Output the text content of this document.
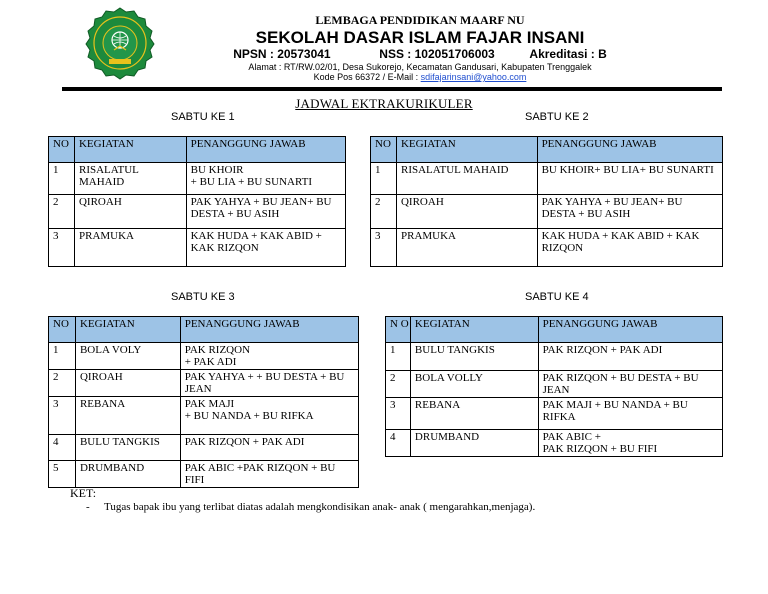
LEMBAGA PENDIDIKAN MAARF NU
SEKOLAH DASAR ISLAM FAJAR INSANI
NPSN : 20573041	NSS : 102051706003	Akreditasi : B
Alamat : RT/RW.02/01, Desa Sukorejo, Kecamatan Gandusari, Kabupaten Trenggalek
Kode Pos 66372 / E-Mail : sdifajarinsani@yahoo.com
JADWAL EKTRAKURIKULER
SABTU KE 1
NO	KEGIATAN	PENANGGUNG JAWAB
1	RISALATUL MAHAID	BU KHOIR
+ BU LIA + BU SUNARTI
2	QIROAH	PAK YAHYA + BU JEAN+ BU DESTA + BU ASIH
3	PRAMUKA	KAK HUDA + KAK ABID + KAK RIZQON
SABTU KE 2
NO	KEGIATAN	PENANGGUNG JAWAB
1	RISALATUL MAHAID	BU KHOIR+ BU LIA+ BU SUNARTI
2	QIROAH	PAK YAHYA + BU JEAN+ BU DESTA + BU ASIH
3	PRAMUKA	KAK HUDA + KAK ABID + KAK RIZQON
SABTU KE 3
NO	KEGIATAN	PENANGGUNG JAWAB
1	BOLA VOLY	PAK RIZQON
+ PAK ADI
2	QIROAH	PAK YAHYA + + BU DESTA + BU JEAN
3	REBANA	PAK MAJI
+ BU NANDA + BU RIFKA
4	BULU TANGKIS	PAK RIZQON + PAK ADI
5	DRUMBAND	PAK ABIC +PAK RIZQON + BU FIFI
SABTU KE 4
N O	KEGIATAN	PENANGGUNG JAWAB
1	BULU TANGKIS	PAK RIZQON + PAK ADI
2	BOLA VOLLY	PAK RIZQON + BU DESTA + BU JEAN
3	REBANA	PAK MAJI + BU NANDA + BU RIFKA
4	DRUMBAND	PAK ABIC +
PAK RIZQON + BU FIFI
KET:
- Tugas bapak ibu yang terlibat diatas adalah mengkondisikan anak- anak ( mengarahkan,menjaga).
